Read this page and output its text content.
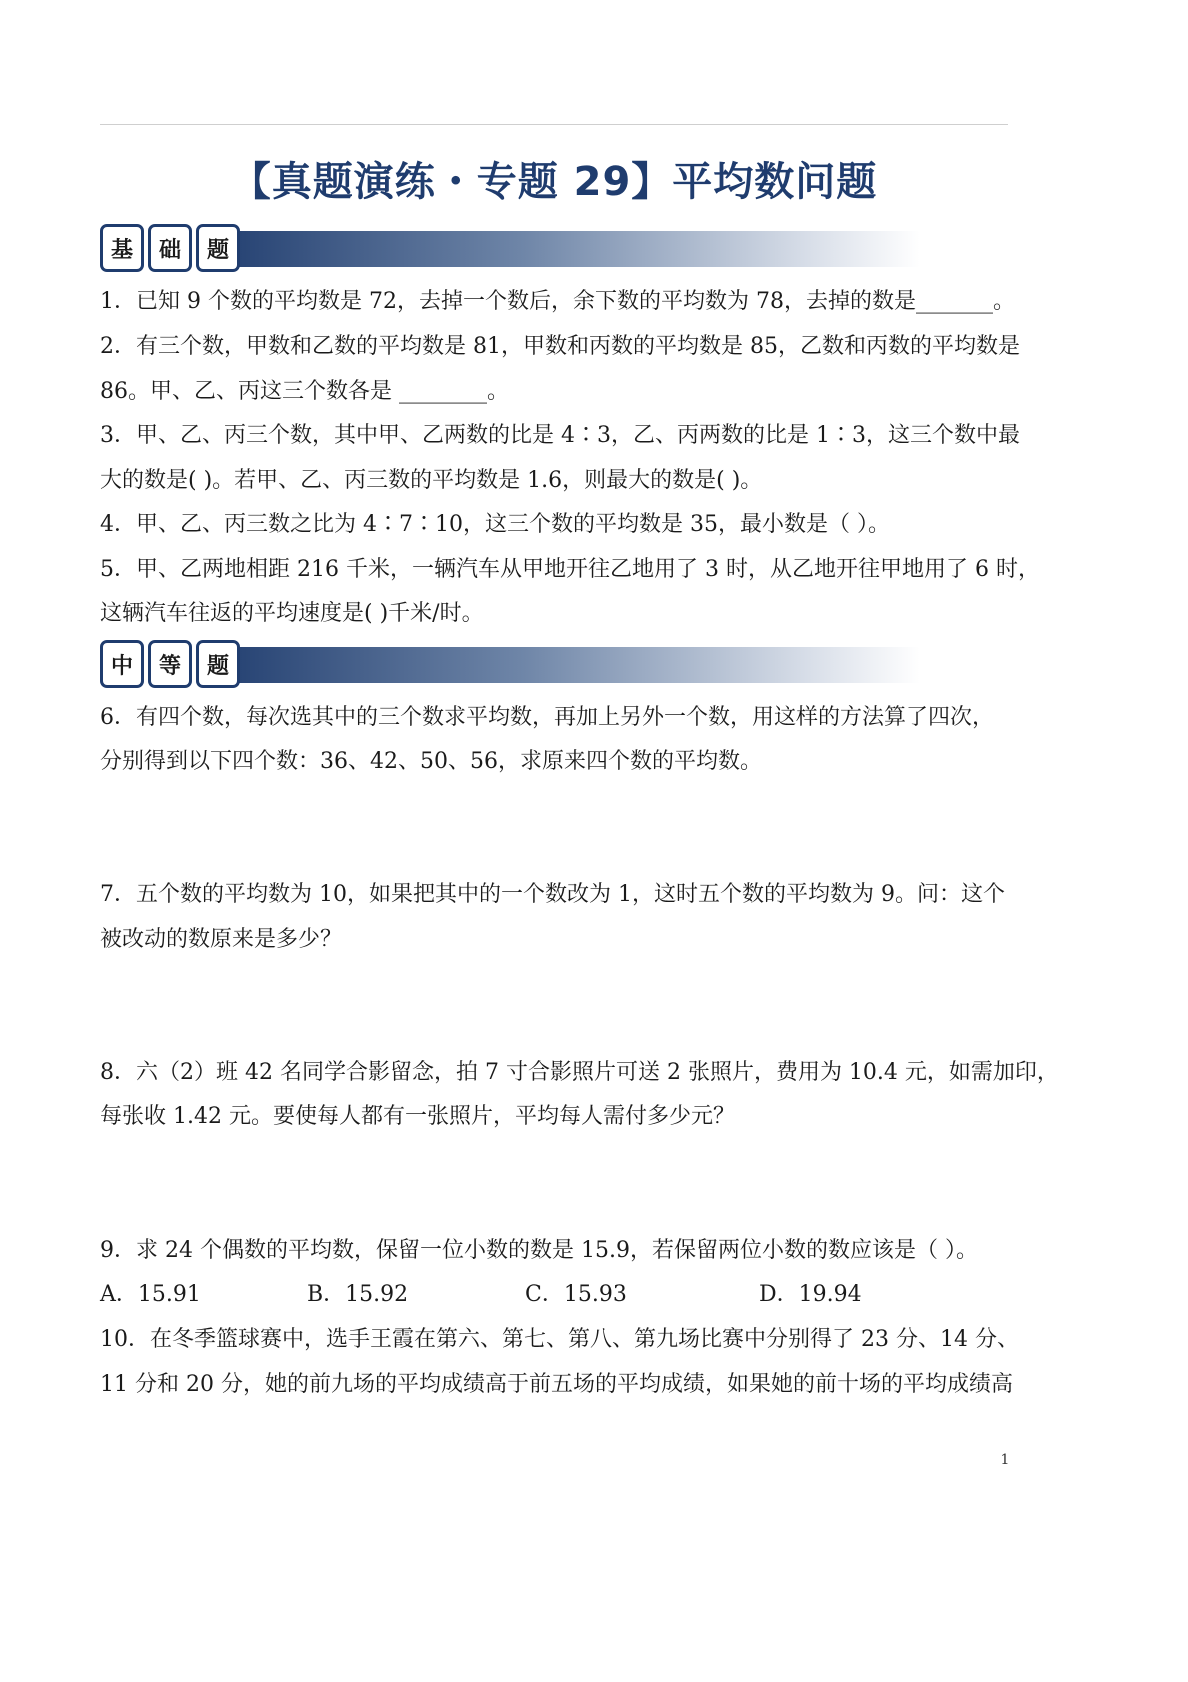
【真题演练・专题 29】平均数问题
基	础	题

1．已知 9 个数的平均数是 72，去掉一个数后，余下数的平均数为 78，去掉的数是_______。

2．有三个数，甲数和乙数的平均数是 81，甲数和丙数的平均数是 85，乙数和丙数的平均数是

86。甲、乙、丙这三个数各是 ________。

3．甲、乙、丙三个数，其中甲、乙两数的比是 4∶3，乙、丙两数的比是 1∶3，这三个数中最

大的数是( )。若甲、乙、丙三数的平均数是 1.6，则最大的数是( )。

4．甲、乙、丙三数之比为 4∶7∶10，这三个数的平均数是 35，最小数是（ ）。

5．甲、乙两地相距 216 千米，一辆汽车从甲地开往乙地用了 3 时，从乙地开往甲地用了 6 时，

这辆汽车往返的平均速度是( )千米/时。

中	等	题

6．有四个数，每次选其中的三个数求平均数，再加上另外一个数，用这样的方法算了四次，

分别得到以下四个数：36、42、50、56，求原来四个数的平均数。

7．五个数的平均数为 10，如果把其中的一个数改为 1，这时五个数的平均数为 9。问：这个

被改动的数原来是多少？

8．六（2）班 42 名同学合影留念，拍 7 寸合影照片可送 2 张照片，费用为 10.4 元，如需加印，

每张收 1.42 元。要使每人都有一张照片，平均每人需付多少元？

9．求 24 个偶数的平均数，保留一位小数的数是 15.9，若保留两位小数的数应该是（ ）。

A．15.91	B．15.92	C．15.93	D．19.94

10．在冬季篮球赛中，选手王霞在第六、第七、第八、第九场比赛中分别得了 23 分、14 分、

11 分和 20 分，她的前九场的平均成绩高于前五场的平均成绩，如果她的前十场的平均成绩高

1
